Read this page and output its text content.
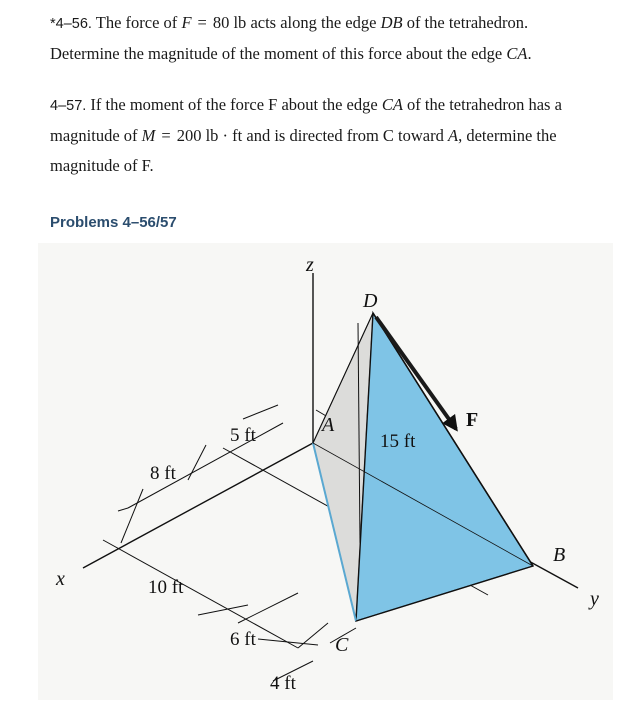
*4–56. The force of F = 80 lb acts along the edge DB of the tetrahedron.
Determine the magnitude of the moment of this force about the edge CA.
4–57. If the moment of the force F about the edge CA of the tetrahedron has a
magnitude of M = 200 lb · ft and is directed from C toward A, determine the
magnitude of F.
Problems 4–56/57
z
x
y
A
B
C
D
F
5 ft
8 ft
10 ft
6 ft
4 ft
15 ft
